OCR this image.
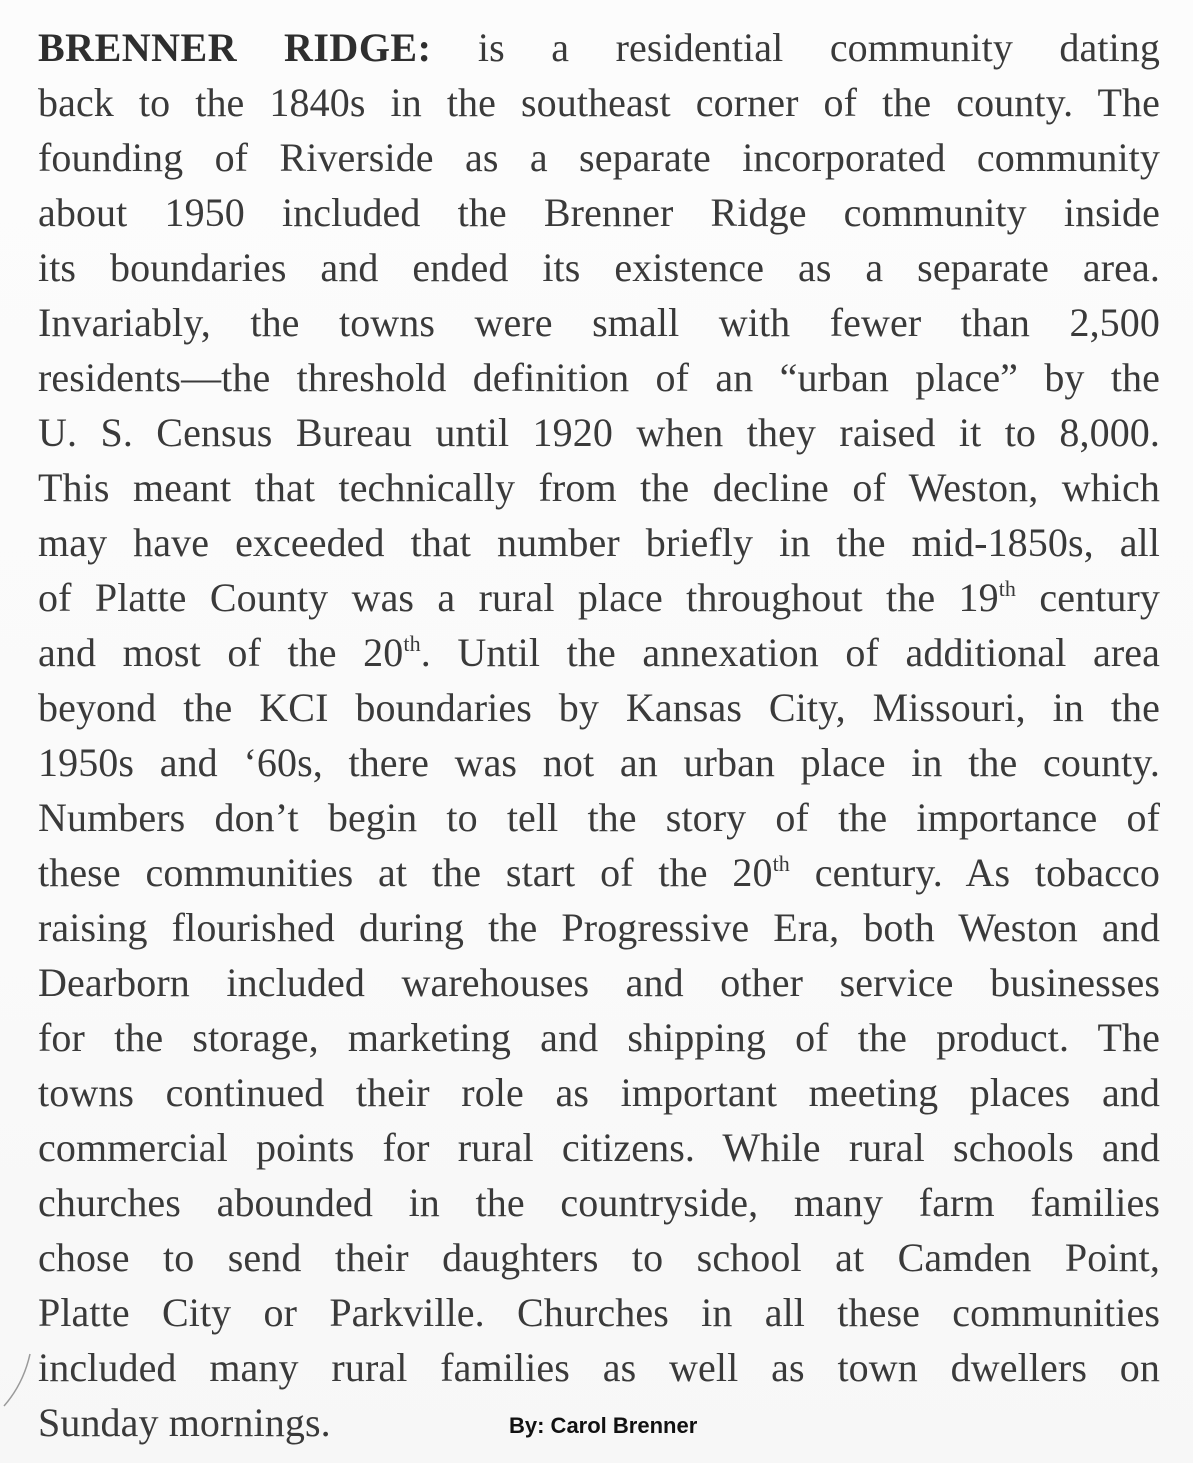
BRENNER RIDGE: is a residential community dating
back to the 1840s in the southeast corner of the county. The
founding of Riverside as a separate incorporated community
about 1950 included the Brenner Ridge community inside
its boundaries and ended its existence as a separate area.
Invariably, the towns were small with fewer than 2,500
residents—the threshold definition of an “urban place” by the
U. S. Census Bureau until 1920 when they raised it to 8,000.
This meant that technically from the decline of Weston, which
may have exceeded that number briefly in the mid-1850s, all
of Platte County was a rural place throughout the 19th century
and most of the 20th. Until the annexation of additional area
beyond the KCI boundaries by Kansas City, Missouri, in the
1950s and ‘60s, there was not an urban place in the county.
Numbers don’t begin to tell the story of the importance of
these communities at the start of the 20th century. As tobacco
raising flourished during the Progressive Era, both Weston and
Dearborn included warehouses and other service businesses
for the storage, marketing and shipping of the product. The
towns continued their role as important meeting places and
commercial points for rural citizens. While rural schools and
churches abounded in the countryside, many farm families
chose to send their daughters to school at Camden Point,
Platte City or Parkville. Churches in all these communities
included many rural families as well as town dwellers on
Sunday mornings.	By: Carol Brenner
